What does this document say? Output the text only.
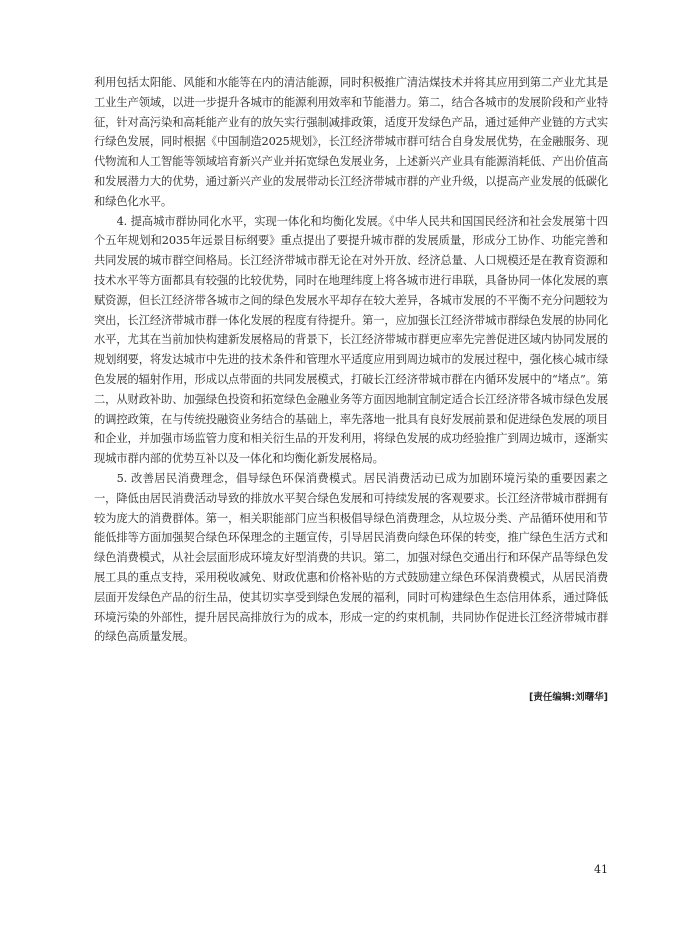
利用包括太阳能、风能和水能等在内的清洁能源，同时积极推广清洁煤技术并将其应用到第二产业尤其是工业生产领域，以进一步提升各城市的能源利用效率和节能潜力。第二，结合各城市的发展阶段和产业特征，针对高污染和高耗能产业有的放矢实行强制减排政策，适度开发绿色产品，通过延伸产业链的方式实行绿色发展，同时根据《中国制造2025规划》，长江经济带城市群可结合自身发展优势，在金融服务、现代物流和人工智能等领域培育新兴产业并拓宽绿色发展业务，上述新兴产业具有能源消耗低、产出价值高和发展潜力大的优势，通过新兴产业的发展带动长江经济带城市群的产业升级，以提高产业发展的低碳化和绿色化水平。

4. 提高城市群协同化水平，实现一体化和均衡化发展。《中华人民共和国国民经济和社会发展第十四个五年规划和2035年远景目标纲要》重点提出了要提升城市群的发展质量，形成分工协作、功能完善和共同发展的城市群空间格局。长江经济带城市群无论在对外开放、经济总量、人口规模还是在教育资源和技术水平等方面都具有较强的比较优势，同时在地理纬度上将各城市进行串联，具备协同一体化发展的禀赋资源，但长江经济带各城市之间的绿色发展水平却存在较大差异，各城市发展的不平衡不充分问题较为突出，长江经济带城市群一体化发展的程度有待提升。第一，应加强长江经济带城市群绿色发展的协同化水平，尤其在当前加快构建新发展格局的背景下，长江经济带城市群更应率先完善促进区域内协同发展的规划纲要，将发达城市中先进的技术条件和管理水平适度应用到周边城市的发展过程中，强化核心城市绿色发展的辐射作用，形成以点带面的共同发展模式，打破长江经济带城市群在内循环发展中的“堵点”。第二，从财政补助、加强绿色投资和拓宽绿色金融业务等方面因地制宜制定适合长江经济带各城市绿色发展的调控政策，在与传统投融资业务结合的基础上，率先落地一批具有良好发展前景和促进绿色发展的项目和企业，并加强市场监管力度和相关衍生品的开发利用，将绿色发展的成功经验推广到周边城市，逐渐实现城市群内部的优势互补以及一体化和均衡化新发展格局。

5. 改善居民消费理念，倡导绿色环保消费模式。居民消费活动已成为加剧环境污染的重要因素之一，降低由居民消费活动导致的排放水平契合绿色发展和可持续发展的客观要求。长江经济带城市群拥有较为庞大的消费群体。第一，相关职能部门应当积极倡导绿色消费理念，从垃圾分类、产品循环使用和节能低排等方面加强契合绿色环保理念的主题宣传，引导居民消费向绿色环保的转变，推广绿色生活方式和绿色消费模式，从社会层面形成环境友好型消费的共识。第二，加强对绿色交通出行和环保产品等绿色发展工具的重点支持，采用税收减免、财政优惠和价格补贴的方式鼓励建立绿色环保消费模式，从居民消费层面开发绿色产品的衍生品，使其切实享受到绿色发展的福利，同时可构建绿色生态信用体系，通过降低环境污染的外部性，提升居民高排放行为的成本，形成一定的约束机制，共同协作促进长江经济带城市群的绿色高质量发展。

[责任编辑:刘曙华]
41
